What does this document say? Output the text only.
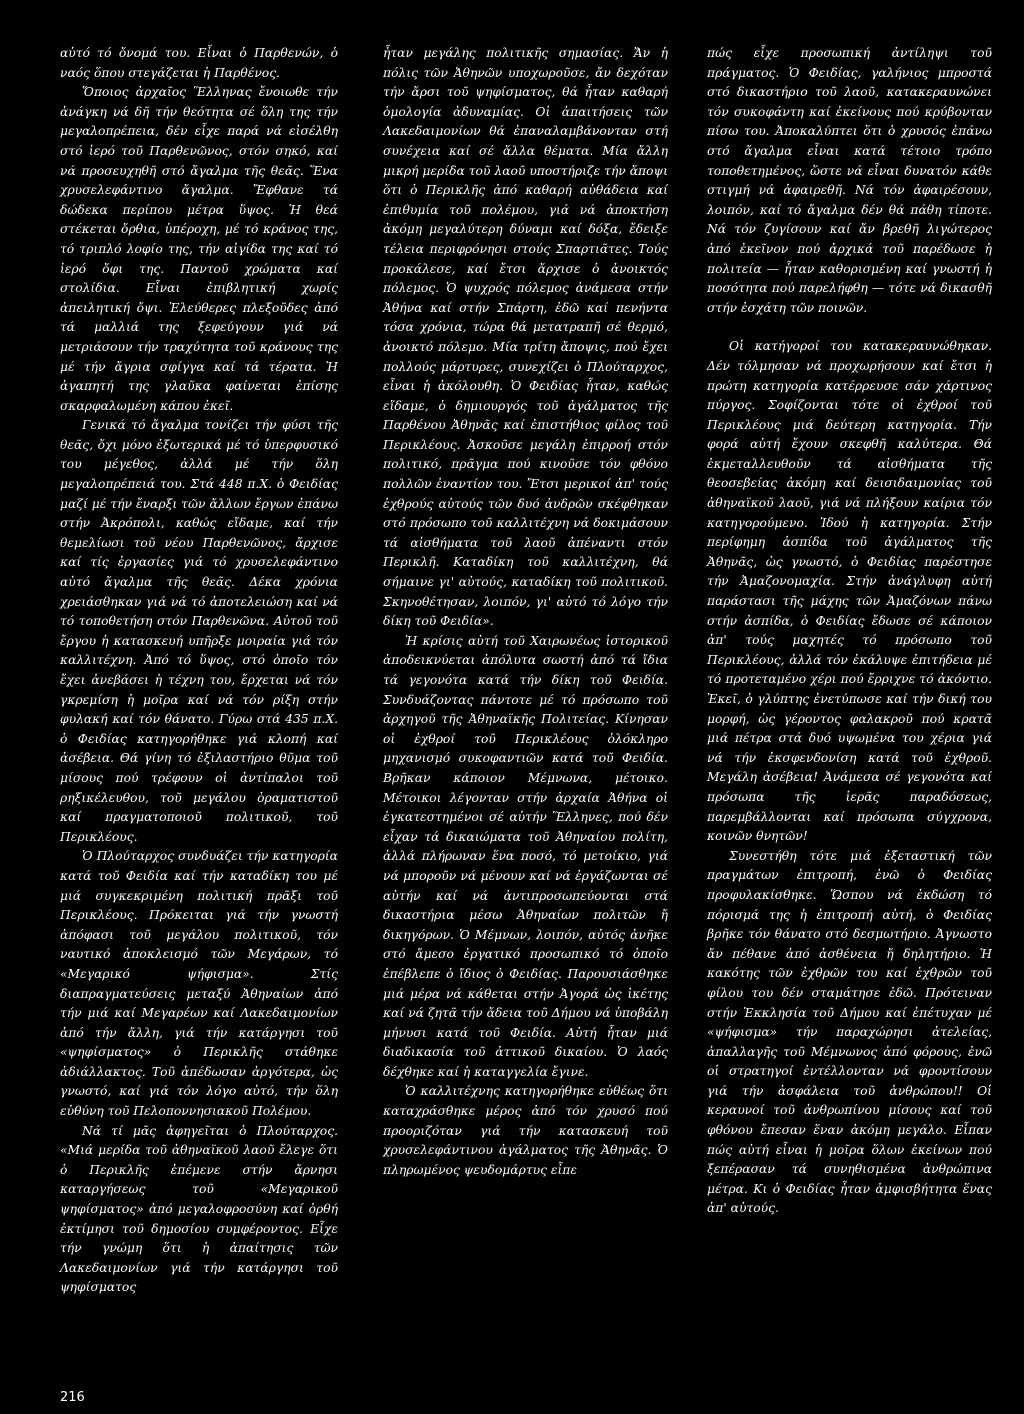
αὐτό τό ὄνομά του. Εἶναι ὁ Παρθενών, ὁ ναός ὅπου στεγάζεται ἡ Παρθένος.

Ὅποιος ἀρχαῖος Ἕλληνας ἔνοιωθε τήν ἀνάγκη νά δῆ τήν θεότητα σέ ὅλη της τήν μεγαλοπρέπεια, δέν εἶχε παρά νά εἰσέλθη στό ἱερό τοῦ Παρθενῶνος, στόν σηκό, καί νά προσευχηθῆ στό ἄγαλμα τῆς θεᾶς. Ἕνα χρυσελεφάντινο ἄγαλμα. Ἔφθανε τά δώδεκα περίπου μέτρα ὕψος. Ἡ θεά στέκεται ὄρθια, ὑπέροχη, μέ τό κράνος της, τό τριπλό λοφίο της, τήν αἰγίδα της καί τό ἱερό ὄφι της. Παντοῦ χρώματα καί στολίδια. Εἶναι ἐπιβλητική χωρίς ἀπειλητική ὄψι. Ἐλεύθερες πλεξοῦδες ἀπό τά μαλλιά της ξεφεύγουν γιά νά μετριάσουν τήν τραχύτητα τοῦ κράνους της μέ τήν ἄγρια σφίγγα καί τά τέρατα. Ἡ ἀγαπητή της γλαῦκα φαίνεται ἐπίσης σκαρφαλωμένη κάπου ἐκεῖ.

Γενικά τό ἄγαλμα τονίζει τήν φύσι τῆς θεᾶς, ὄχι μόνο ἐξωτερικά μέ τό ὑπερφυσικό του μέγεθος, ἀλλά μέ τήν ὅλη μεγαλοπρέπειά του. Στά 448 π.Χ. ὁ Φειδίας μαζί μέ τήν ἔναρξι τῶν ἄλλων ἔργων ἐπάνω στήν Ἀκρόπολι, καθώς εἴδαμε, καί τήν θεμελίωσι τοῦ νέου Παρθενῶνος, ἄρχισε καί τίς ἐργασίες γιά τό χρυσελεφάντινο αὐτό ἄγαλμα τῆς θεᾶς. Δέκα χρόνια χρειάσθηκαν γιά νά τό ἀποτελειώση καί νά τό τοποθετήση στόν Παρθενῶνα. Αὐτοῦ τοῦ ἔργου ἡ κατασκευή υπῆρξε μοιραία γιά τόν καλλιτέχνη. Ἀπό τό ὕψος, στό ὁποῖο τόν ἔχει ἀνεβάσει ἡ τέχνη του, ἔρχεται νά τόν γκρεμίση ἡ μοῖρα καί νά τόν ρίξη στήν φυλακή καί τόν θάνατο. Γύρω στά 435 π.Χ. ὁ Φειδίας κατηγορήθηκε γιά κλοπή καί ἀσέβεια. Θά γίνη τό ἐξιλαστήριο θῦμα τοῦ μίσους πού τρέφουν οἱ ἀντίπαλοι τοῦ ρηξικέλευθου, τοῦ μεγάλου ὁραματιστοῦ καί πραγματοποιοῦ πολιτικοῦ, τοῦ Περικλέους.

Ὁ Πλούταρχος συνδυάζει τήν κατηγορία κατά τοῦ Φειδία καί τήν καταδίκη του μέ μιά συγκεκριμένη πολιτική πρᾶξι τοῦ Περικλέους. Πρόκειται γιά τήν γνωστή ἀπόφασι τοῦ μεγάλου πολιτικοῦ, τόν ναυτικό ἀποκλεισμό τῶν Μεγάρων, τό «Μεγαρικό ψήφισμα». Στίς διαπραγματεύσεις μεταξύ Ἀθηναίων ἀπό τήν μιά καί Μεγαρέων καί Λακεδαιμονίων ἀπό τήν ἄλλη, γιά τήν κατάργησι τοῦ «ψηφίσματος» ὁ Περικλῆς στάθηκε ἀδιάλλακτος. Τοῦ ἀπέδωσαν ἀργότερα, ὡς γνωστό, καί γιά τόν λόγο αὐτό, τήν ὅλη εὐθύνη τοῦ Πελοποννησιακοῦ Πολέμου.

Νά τί μᾶς ἀφηγεῖται ὁ Πλούταρχος. «Μιά μερίδα τοῦ ἀθηναϊκοῦ λαοῦ ἔλεγε ὅτι ὁ Περικλῆς ἐπέμενε στήν ἄρνησι καταργήσεως τοῦ «Μεγαρικοῦ ψηφίσματος» ἀπό μεγαλοφροσύνη καί ὀρθή ἐκτίμησι τοῦ δημοσίου συμφέροντος. Εἶχε τήν γνώμη ὅτι ἡ ἀπαίτησις τῶν Λακεδαιμονίων γιά τήν κατάργησι τοῦ ψηφίσματος

ἦταν μεγάλης πολιτικῆς σημασίας. Ἄν ἡ πόλις τῶν Ἀθηνῶν υποχωροῦσε, ἄν δεχόταν τήν ἄρσι τοῦ ψηφίσματος, θά ἦταν καθαρή ὁμολογία ἀδυναμίας. Οἱ ἀπαιτήσεις τῶν Λακεδαιμονίων θά ἐπαναλαμβάνονταν στή συνέχεια καί σέ ἄλλα θέματα. Μία ἄλλη μικρή μερίδα τοῦ λαοῦ υποστήριζε τήν ἄποψι ὅτι ὁ Περικλῆς ἀπό καθαρή αὐθάδεια καί ἐπιθυμία τοῦ πολέμου, γιά νά ἀποκτήση ἀκόμη μεγαλύτερη δύναμι καί δόξα, ἔδειξε τέλεια περιφρόνησι στούς Σπαρτιᾶτες. Τούς προκάλεσε, καί ἔτσι ἄρχισε ὁ ἀνοικτός πόλεμος. Ὁ ψυχρός πόλεμος ἀνάμεσα στήν Ἀθήνα καί στήν Σπάρτη, ἐδῶ καί πενήντα τόσα χρόνια, τώρα θά μετατραπῆ σέ θερμό, ἀνοικτό πόλεμο. Μία τρίτη ἄποψις, πού ἔχει πολλούς μάρτυρες, συνεχίζει ὁ Πλούταρχος, εἶναι ἡ ἀκόλουθη. Ὁ Φειδίας ἦταν, καθώς εἴδαμε, ὁ δημιουργός τοῦ ἀγάλματος τῆς Παρθένου Ἀθηνᾶς καί ἐπιστήθιος φίλος τοῦ Περικλέους. Ἀσκοῦσε μεγάλη ἐπιρροή στόν πολιτικό, πρᾶγμα πού κινοῦσε τόν φθόνο πολλῶν ἐναντίον του. Ἔτσι μερικοί ἀπ' τούς ἐχθρούς αὐτούς τῶν δυό ἀνδρῶν σκέφθηκαν στό πρόσωπο τοῦ καλλιτέχνη νά δοκιμάσουν τά αἰσθήματα τοῦ λαοῦ ἀπέναντι στόν Περικλῆ. Καταδίκη τοῦ καλλιτέχνη, θά σήμαινε γι' αὐτούς, καταδίκη τοῦ πολιτικοῦ. Σκηνοθέτησαν, λοιπόν, γι' αὐτό τό λόγο τήν δίκη τοῦ Φειδία».

Ἡ κρίσις αὐτή τοῦ Χαιρωνέως ἱστορικοῦ ἀποδεικνύεται ἀπόλυτα σωστή ἀπό τά ἴδια τά γεγονότα κατά τήν δίκη τοῦ Φειδία. Συνδυάζοντας πάντοτε μέ τό πρόσωπο τοῦ ἀρχηγοῦ τῆς Ἀθηναϊκῆς Πολιτείας. Κίνησαν οἱ ἐχθροί τοῦ Περικλέους ὁλόκληρο μηχανισμό συκοφαντιῶν κατά τοῦ Φειδία. Βρῆκαν κάποιον Μέμνωνα, μέτοικο. Μέτοικοι λέγονταν στήν ἀρχαία Ἀθήνα οἱ ἐγκατεστημένοι σέ αὐτήν Ἕλληνες, πού δέν εἶχαν τά δικαιώματα τοῦ Ἀθηναίου πολίτη, ἀλλά πλήρωναν ἕνα ποσό, τό μετοίκιο, γιά νά μποροῦν νά μένουν καί νά ἐργάζωνται σέ αὐτήν καί νά ἀντιπροσωπεύονται στά δικαστήρια μέσω Ἀθηναίων πολιτῶν ἤ δικηγόρων. Ὁ Μέμνων, λοιπόν, αὐτός ἀνῆκε στό ἄμεσο ἐργατικό προσωπικό τό ὁποῖο ἐπέβλεπε ὁ ἴδιος ὁ Φειδίας. Παρουσιάσθηκε μιά μέρα νά κάθεται στήν Ἀγορά ὡς ἱκέτης καί νά ζητᾶ τήν ἄδεια τοῦ Δήμου νά ὑποβάλη μήνυσι κατά τοῦ Φειδία. Αὐτή ἦταν μιά διαδικασία τοῦ ἀττικοῦ δικαίου. Ὁ λαός δέχθηκε καί ἡ καταγγελία ἔγινε.

Ὁ καλλιτέχνης κατηγορήθηκε εὐθέως ὅτι καταχράσθηκε μέρος ἀπό τόν χρυσό πού προοριζόταν γιά τήν κατασκευή τοῦ χρυσελεφάντινου ἀγάλματος τῆς Ἀθηνᾶς. Ὁ πληρωμένος ψευδομάρτυς εἶπε

πώς εἶχε προσωπική ἀντίληψι τοῦ πράγματος. Ὁ Φειδίας, γαλήνιος μπροστά στό δικαστήριο τοῦ λαοῦ, κατακεραυνώνει τόν συκοφάντη καί ἐκείνους πού κρύβονταν πίσω του. Ἀποκαλύπτει ὅτι ὁ χρυσός ἐπάνω στό ἄγαλμα εἶναι κατά τέτοιο τρόπο τοποθετημένος, ὥστε νά εἶναι δυνατόν κάθε στιγμή νά ἀφαιρεθῆ. Νά τόν ἀφαιρέσουν, λοιπόν, καί τό ἄγαλμα δέν θά πάθη τίποτε. Νά τόν ζυγίσουν καί ἄν βρεθῆ λιγώτερος ἀπό ἐκεῖνον πού ἀρχικά τοῦ παρέδωσε ἡ πολιτεία — ἦταν καθορισμένη καί γνωστή ἡ ποσότητα πού παρελήφθη — τότε νά δικασθῆ στήν ἐσχάτη τῶν ποινῶν.

Οἱ κατήγοροί του κατακεραυνώθηκαν. Δέν τόλμησαν νά προχωρήσουν καί ἔτσι ἡ πρώτη κατηγορία κατέρρευσε σάν χάρτινος πύργος. Σοφίζονται τότε οἱ ἐχθροί τοῦ Περικλέους μιά δεύτερη κατηγορία. Τήν φορά αὐτή ἔχουν σκεφθῆ καλύτερα. Θά ἐκμεταλλευθοῦν τά αἰσθήματα τῆς θεοσεβείας ἀκόμη καί δεισιδαιμονίας τοῦ ἀθηναϊκοῦ λαοῦ, γιά νά πλήξουν καίρια τόν κατηγορούμενο. Ἰδού ἡ κατηγορία. Στήν περίφημη ἀσπίδα τοῦ ἀγάλματος τῆς Ἀθηνᾶς, ὡς γνωστό, ὁ Φειδίας παρέστησε τήν Ἀμαζονομαχία. Στήν ἀνάγλυφη αὐτή παράστασι τῆς μάχης τῶν Ἀμαζόνων πάνω στήν ἀσπίδα, ὁ Φειδίας ἔδωσε σέ κάποιον ἀπ' τούς μαχητές τό πρόσωπο τοῦ Περικλέους, ἀλλά τόν ἐκάλυψε ἐπιτήδεια μέ τό προτεταμένο χέρι πού ἔρριχνε τό ἀκόντιο. Ἐκεῖ, ὁ γλύπτης ἐνετύπωσε καί τήν δική του μορφή, ὡς γέροντος φαλακροῦ πού κρατᾶ μιά πέτρα στά δυό υψωμένα του χέρια γιά νά τήν ἐκσφενδονίση κατά τοῦ ἐχθροῦ. Μεγάλη ἀσέβεια! Ἀνάμεσα σέ γεγονότα καί πρόσωπα τῆς ἱερᾶς παραδόσεως, παρεμβάλλονται καί πρόσωπα σύγχρονα, κοινῶν θνητῶν!

Συνεστήθη τότε μιά ἐξεταστική τῶν πραγμάτων ἐπιτροπή, ἐνῶ ὁ Φειδίας προφυλακίσθηκε. Ὥσπου νά ἐκδώση τό πόρισμά της ἡ ἐπιτροπή αὐτή, ὁ Φειδίας βρῆκε τόν θάνατο στό δεσμωτήριο. Ἀγνωστο ἄν πέθανε ἀπό ἀσθένεια ἤ δηλητήριο. Ἡ κακότης τῶν ἐχθρῶν του καί ἐχθρῶν τοῦ φίλου του δέν σταμάτησε ἐδῶ. Πρότειναν στήν Ἐκκλησία τοῦ Δήμου καί ἐπέτυχαν μέ «ψήφισμα» τήν παραχώρησι ἀτελείας, ἀπαλλαγῆς τοῦ Μέμνωνος ἀπό φόρους, ἐνῶ οἱ στρατηγοί ἐντέλλονταν νά φροντίσουν γιά τήν ἀσφάλεια τοῦ ἀνθρώπου!! Οἱ κεραυνοί τοῦ ἀνθρωπίνου μίσους καί τοῦ φθόνου ἔπεσαν ἕναν ἀκόμη μεγάλο. Εἶπαν πώς αὐτή εἶναι ἡ μοῖρα ὅλων ἐκείνων πού ξεπέρασαν τά συνηθισμένα ἀνθρώπινα μέτρα. Κι ὁ Φειδίας ἦταν ἀμφισβήτητα ἕνας ἀπ' αὐτούς.

216
